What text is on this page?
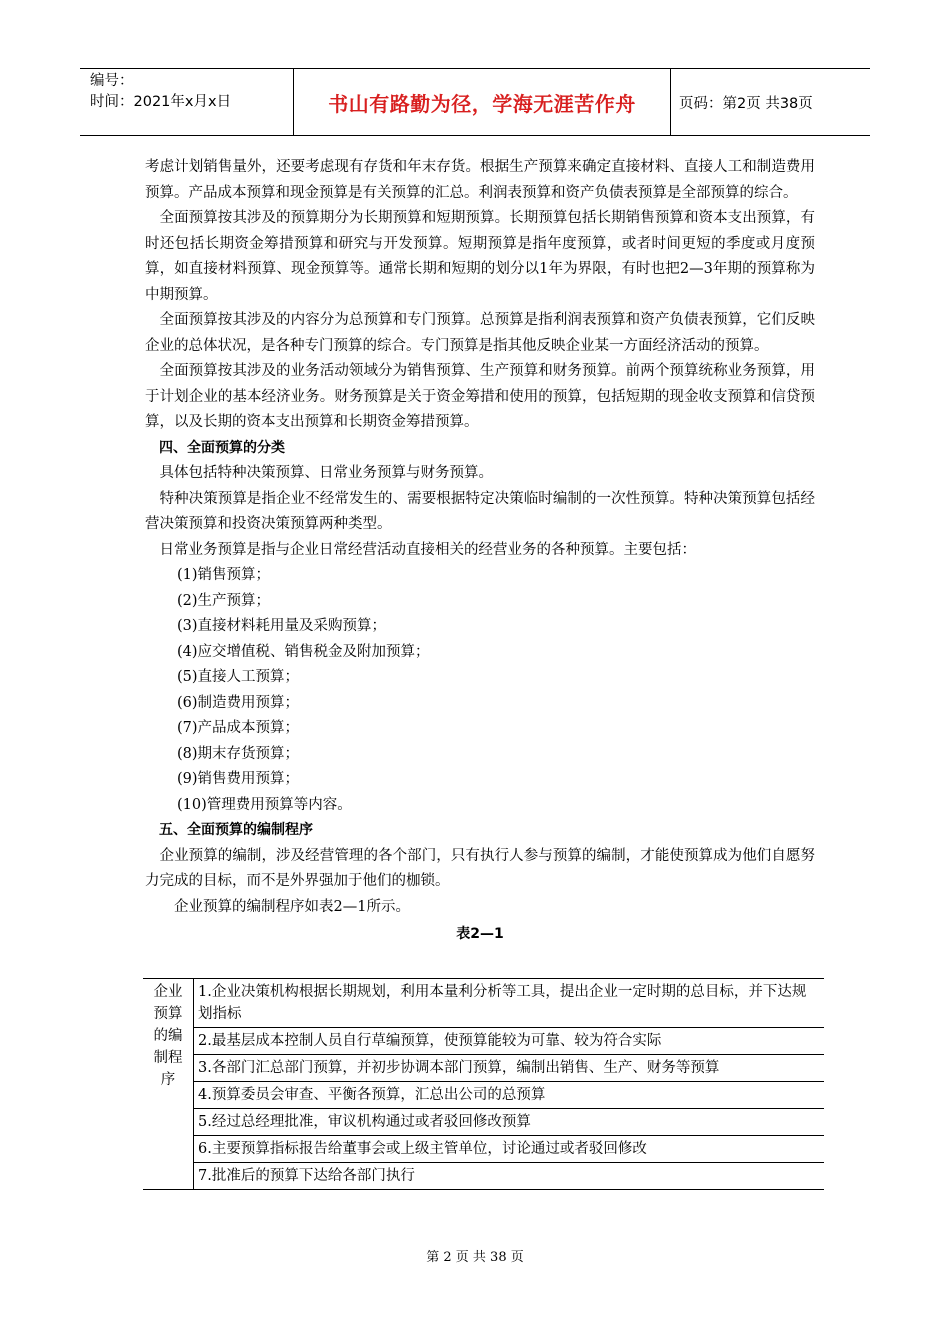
编号：
时间：2021年x月x日	书山有路勤为径，学海无涯苦作舟	页码：第2页 共38页

考虑计划销售量外，还要考虑现有存货和年末存货。根据生产预算来确定直接材料、直接人工和制造费用预算。产品成本预算和现金预算是有关预算的汇总。利润表预算和资产负债表预算是全部预算的综合。

全面预算按其涉及的预算期分为长期预算和短期预算。长期预算包括长期销售预算和资本支出预算，有时还包括长期资金筹措预算和研究与开发预算。短期预算是指年度预算，或者时间更短的季度或月度预算，如直接材料预算、现金预算等。通常长期和短期的划分以1年为界限，有时也把2—3年期的预算称为中期预算。

全面预算按其涉及的内容分为总预算和专门预算。总预算是指利润表预算和资产负债表预算，它们反映企业的总体状况，是各种专门预算的综合。专门预算是指其他反映企业某一方面经济活动的预算。

全面预算按其涉及的业务活动领域分为销售预算、生产预算和财务预算。前两个预算统称业务预算，用于计划企业的基本经济业务。财务预算是关于资金筹措和使用的预算，包括短期的现金收支预算和信贷预算，以及长期的资本支出预算和长期资金筹措预算。

四、全面预算的分类

具体包括特种决策预算、日常业务预算与财务预算。

特种决策预算是指企业不经常发生的、需要根据特定决策临时编制的一次性预算。特种决策预算包括经营决策预算和投资决策预算两种类型。

日常业务预算是指与企业日常经营活动直接相关的经营业务的各种预算。主要包括：

(1)销售预算；
(2)生产预算；
(3)直接材料耗用量及采购预算；
(4)应交增值税、销售税金及附加预算；
(5)直接人工预算；
(6)制造费用预算；
(7)产品成本预算；
(8)期末存货预算；
(9)销售费用预算；
(10)管理费用预算等内容。

五、全面预算的编制程序

企业预算的编制，涉及经营管理的各个部门，只有执行人参与预算的编制，才能使预算成为他们自愿努力完成的目标，而不是外界强加于他们的枷锁。

企业预算的编制程序如表2—1所示。

表2—1

企业预算的编制程序	1.企业决策机构根据长期规划，利用本量利分析等工具，提出企业一定时期的总目标，并下达规划指标
2.最基层成本控制人员自行草编预算，使预算能较为可靠、较为符合实际
3.各部门汇总部门预算，并初步协调本部门预算，编制出销售、生产、财务等预算
4.预算委员会审查、平衡各预算，汇总出公司的总预算
5.经过总经理批准，审议机构通过或者驳回修改预算
6.主要预算指标报告给董事会或上级主管单位，讨论通过或者驳回修改
7.批准后的预算下达给各部门执行
第 2 页 共 38 页
